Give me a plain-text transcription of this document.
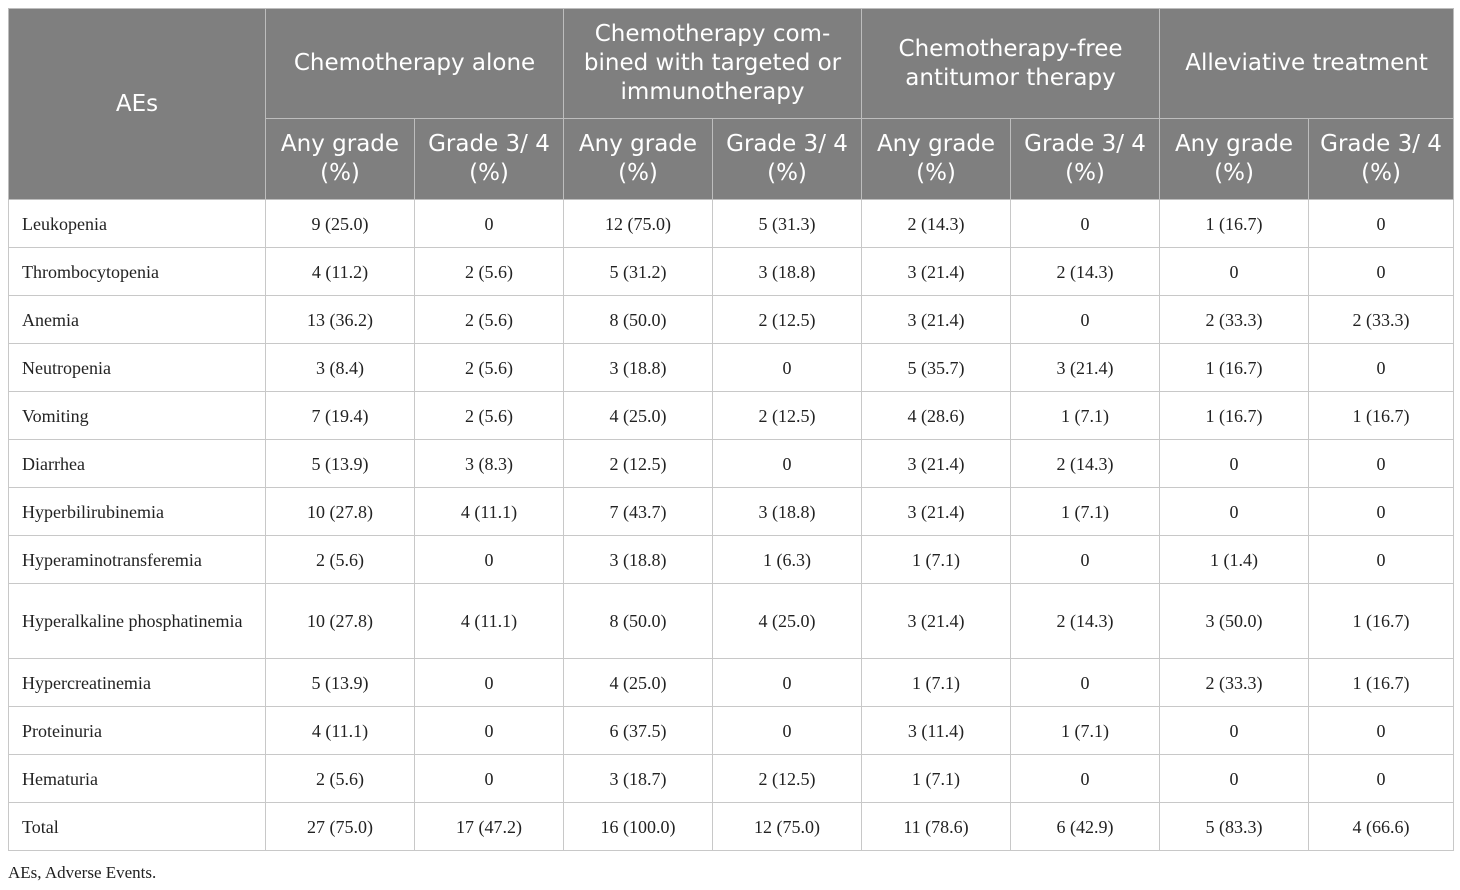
AEs	Chemotherapy alone		Chemotherapy com-bined with targeted or immunotherapy		Chemotherapy-free antitumor therapy		Alleviative treatment	
	Any grade (%)	Grade 3/ 4 (%)	Any grade (%)	Grade 3/ 4 (%)	Any grade (%)	Grade 3/ 4 (%)	Any grade (%)	Grade 3/ 4 (%)
Leukopenia	9 (25.0)	0	12 (75.0)	5 (31.3)	2 (14.3)	0	1 (16.7)	0
Thrombocytopenia	4 (11.2)	2 (5.6)	5 (31.2)	3 (18.8)	3 (21.4)	2 (14.3)	0	0
Anemia	13 (36.2)	2 (5.6)	8 (50.0)	2 (12.5)	3 (21.4)	0	2 (33.3)	2 (33.3)
Neutropenia	3 (8.4)	2 (5.6)	3 (18.8)	0	5 (35.7)	3 (21.4)	1 (16.7)	0
Vomiting	7 (19.4)	2 (5.6)	4 (25.0)	2 (12.5)	4 (28.6)	1 (7.1)	1 (16.7)	1 (16.7)
Diarrhea	5 (13.9)	3 (8.3)	2 (12.5)	0	3 (21.4)	2 (14.3)	0	0
Hyperbilirubinemia	10 (27.8)	4 (11.1)	7 (43.7)	3 (18.8)	3 (21.4)	1 (7.1)	0	0
Hyperaminotransferemia	2 (5.6)	0	3 (18.8)	1 (6.3)	1 (7.1)	0	1 (1.4)	0
Hyperalkaline phosphatinemia	10 (27.8)	4 (11.1)	8 (50.0)	4 (25.0)	3 (21.4)	2 (14.3)	3 (50.0)	1 (16.7)
Hypercreatinemia	5 (13.9)	0	4 (25.0)	0	1 (7.1)	0	2 (33.3)	1 (16.7)
Proteinuria	4 (11.1)	0	6 (37.5)	0	3 (11.4)	1 (7.1)	0	0
Hematuria	2 (5.6)	0	3 (18.7)	2 (12.5)	1 (7.1)	0	0	0
Total	27 (75.0)	17 (47.2)	16 (100.0)	12 (75.0)	11 (78.6)	6 (42.9)	5 (83.3)	4 (66.6)
AEs, Adverse Events.
